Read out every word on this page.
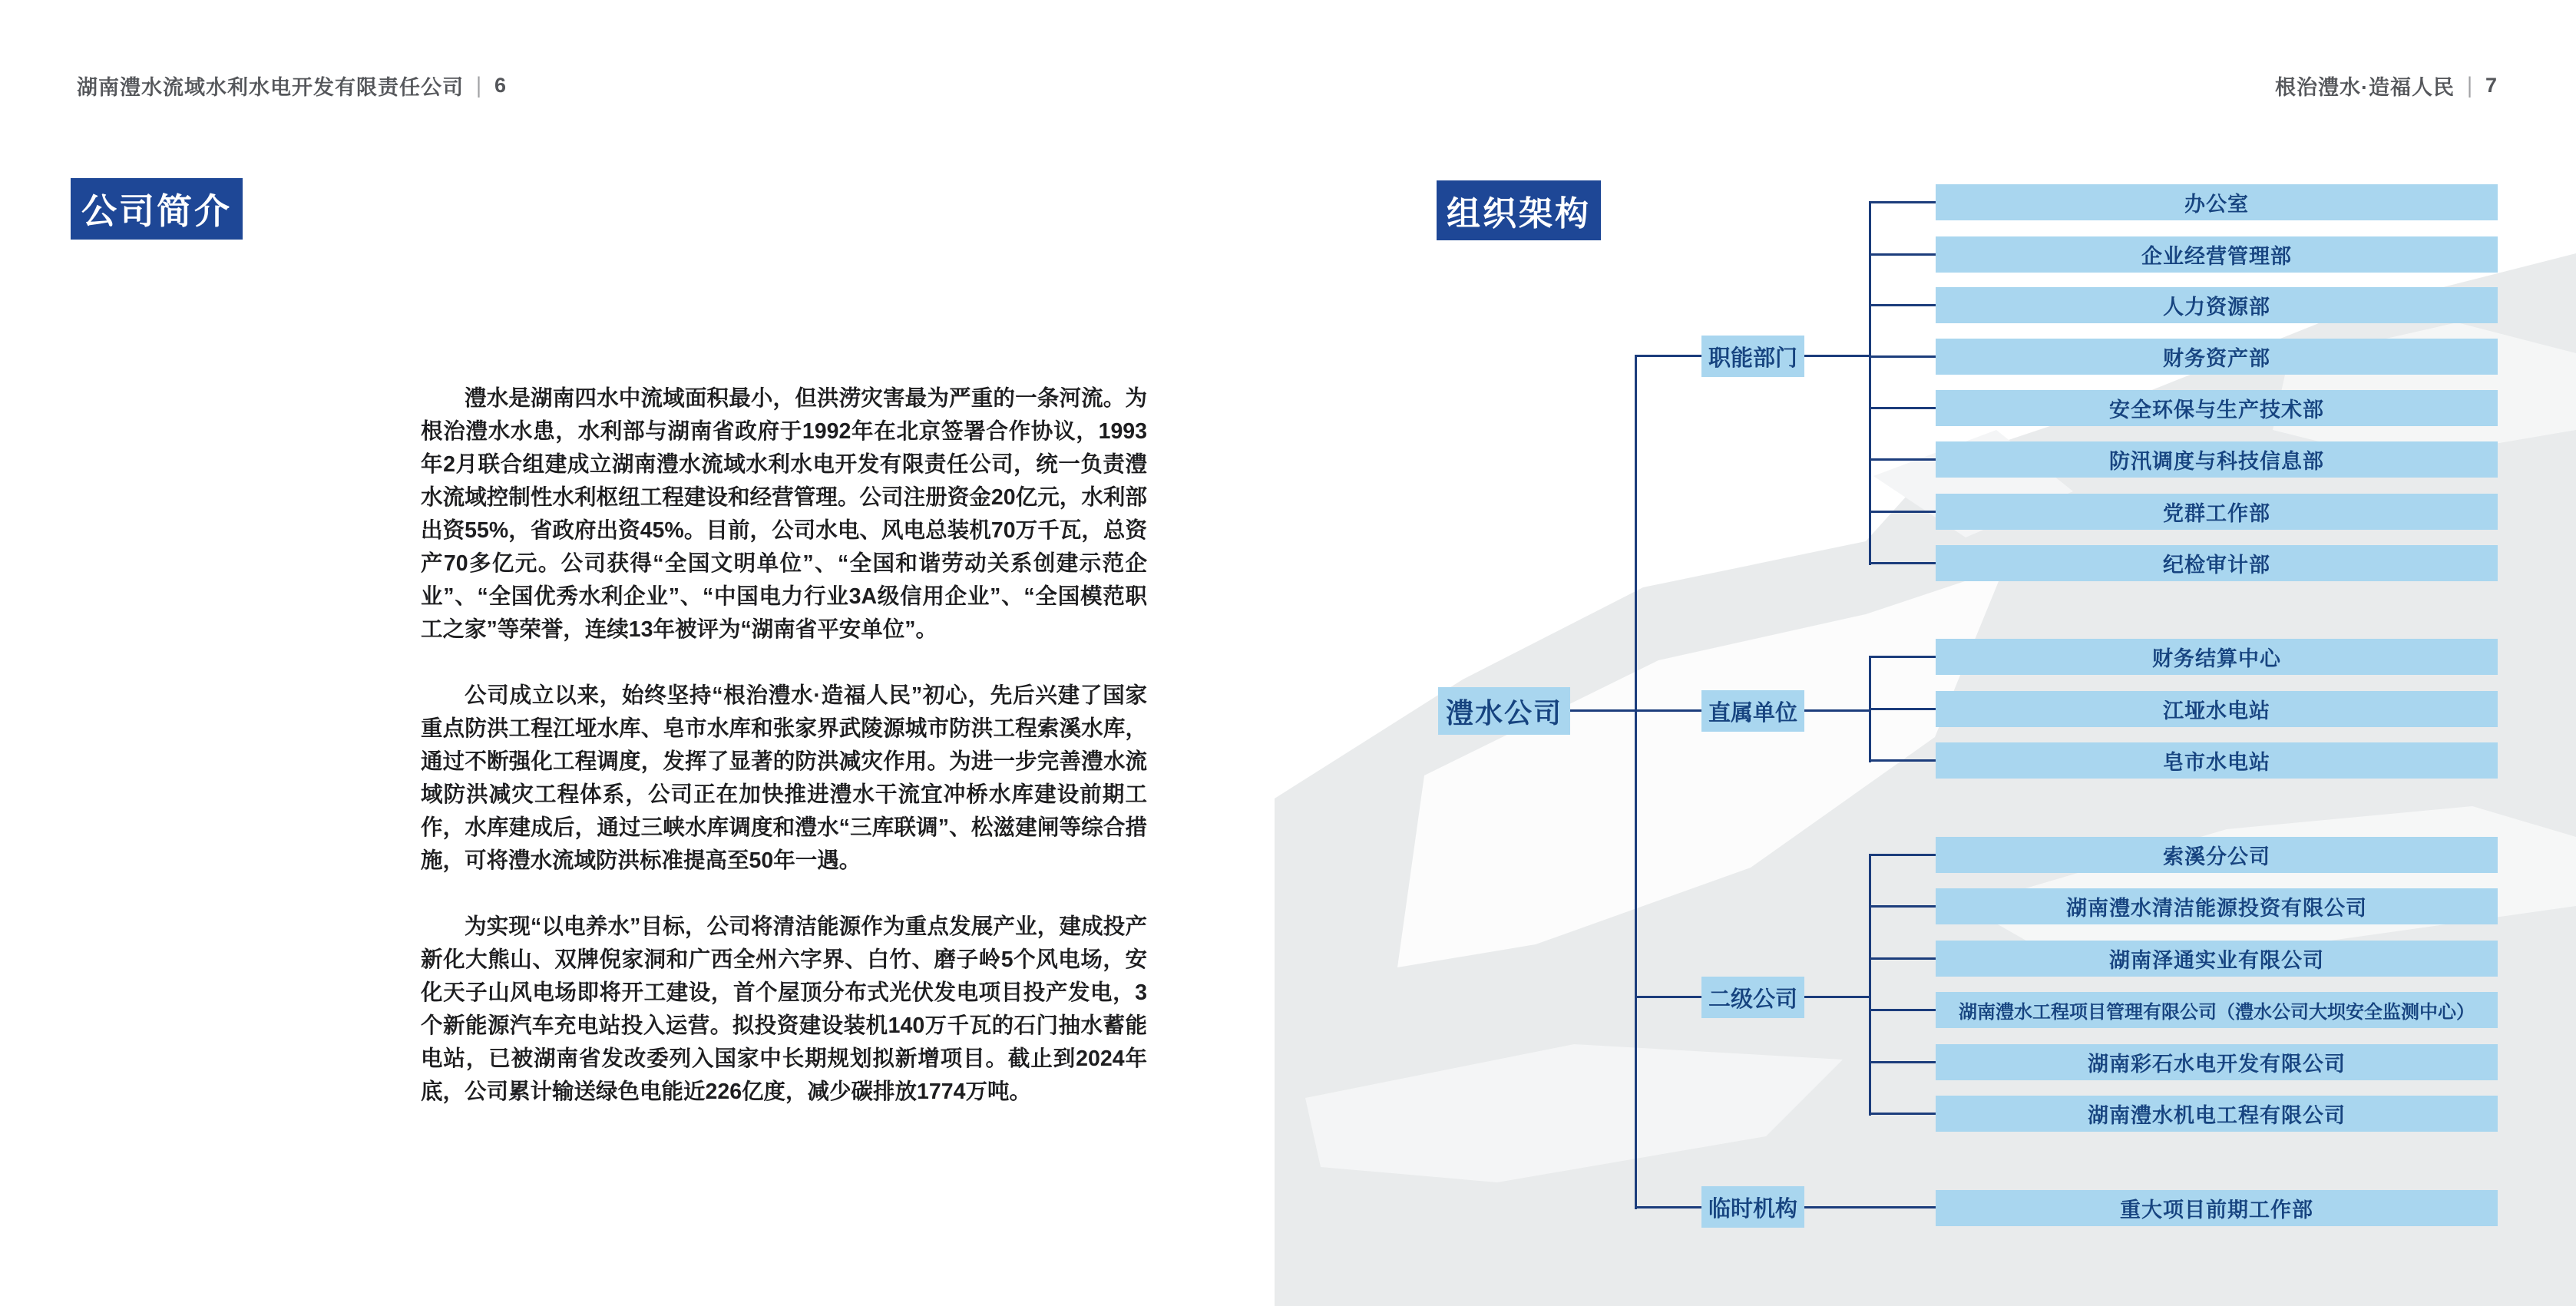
湖南澧水流域水利水电开发有限责任公司 | 6	根治澧水·造福人民 | 7
公司简介

澧水是湖南四水中流域面积最小，但洪涝灾害最为严重的一条河流。为根治澧水水患，水利部与湖南省政府于1992年在北京签署合作协议，1993年2月联合组建成立湖南澧水流域水利水电开发有限责任公司，统一负责澧水流域控制性水利枢纽工程建设和经营管理。公司注册资金20亿元，水利部出资55%，省政府出资45%。目前，公司水电、风电总装机70万千瓦，总资产70多亿元。公司获得“全国文明单位”、“全国和谐劳动关系创建示范企业”、“全国优秀水利企业”、“中国电力行业3A级信用企业”、“全国模范职工之家”等荣誉，连续13年被评为“湖南省平安单位”。

公司成立以来，始终坚持“根治澧水·造福人民”初心，先后兴建了国家重点防洪工程江垭水库、皂市水库和张家界武陵源城市防洪工程索溪水库，通过不断强化工程调度，发挥了显著的防洪减灾作用。为进一步完善澧水流域防洪减灾工程体系，公司正在加快推进澧水干流宜冲桥水库建设前期工作，水库建成后，通过三峡水库调度和澧水“三库联调”、松滋建闸等综合措施，可将澧水流域防洪标准提高至50年一遇。

为实现“以电养水”目标，公司将清洁能源作为重点发展产业，建成投产新化大熊山、双牌倪家洞和广西全州六字界、白竹、磨子岭5个风电场，安化天子山风电场即将开工建设，首个屋顶分布式光伏发电项目投产发电，3个新能源汽车充电站投入运营。拟投资建设装机140万千瓦的石门抽水蓄能电站，已被湖南省发改委列入国家中长期规划拟新增项目。截止到2024年底，公司累计输送绿色电能近226亿度，减少碳排放1774万吨。

组织架构
澧水公司
职能部门
直属单位
二级公司
临时机构
办公室
企业经营管理部
人力资源部
财务资产部
安全环保与生产技术部
防汛调度与科技信息部
党群工作部
纪检审计部
财务结算中心
江垭水电站
皂市水电站
索溪分公司
湖南澧水清洁能源投资有限公司
湖南泽通实业有限公司
湖南澧水工程项目管理有限公司（澧水公司大坝安全监测中心）
湖南彩石水电开发有限公司
湖南澧水机电工程有限公司
重大项目前期工作部
